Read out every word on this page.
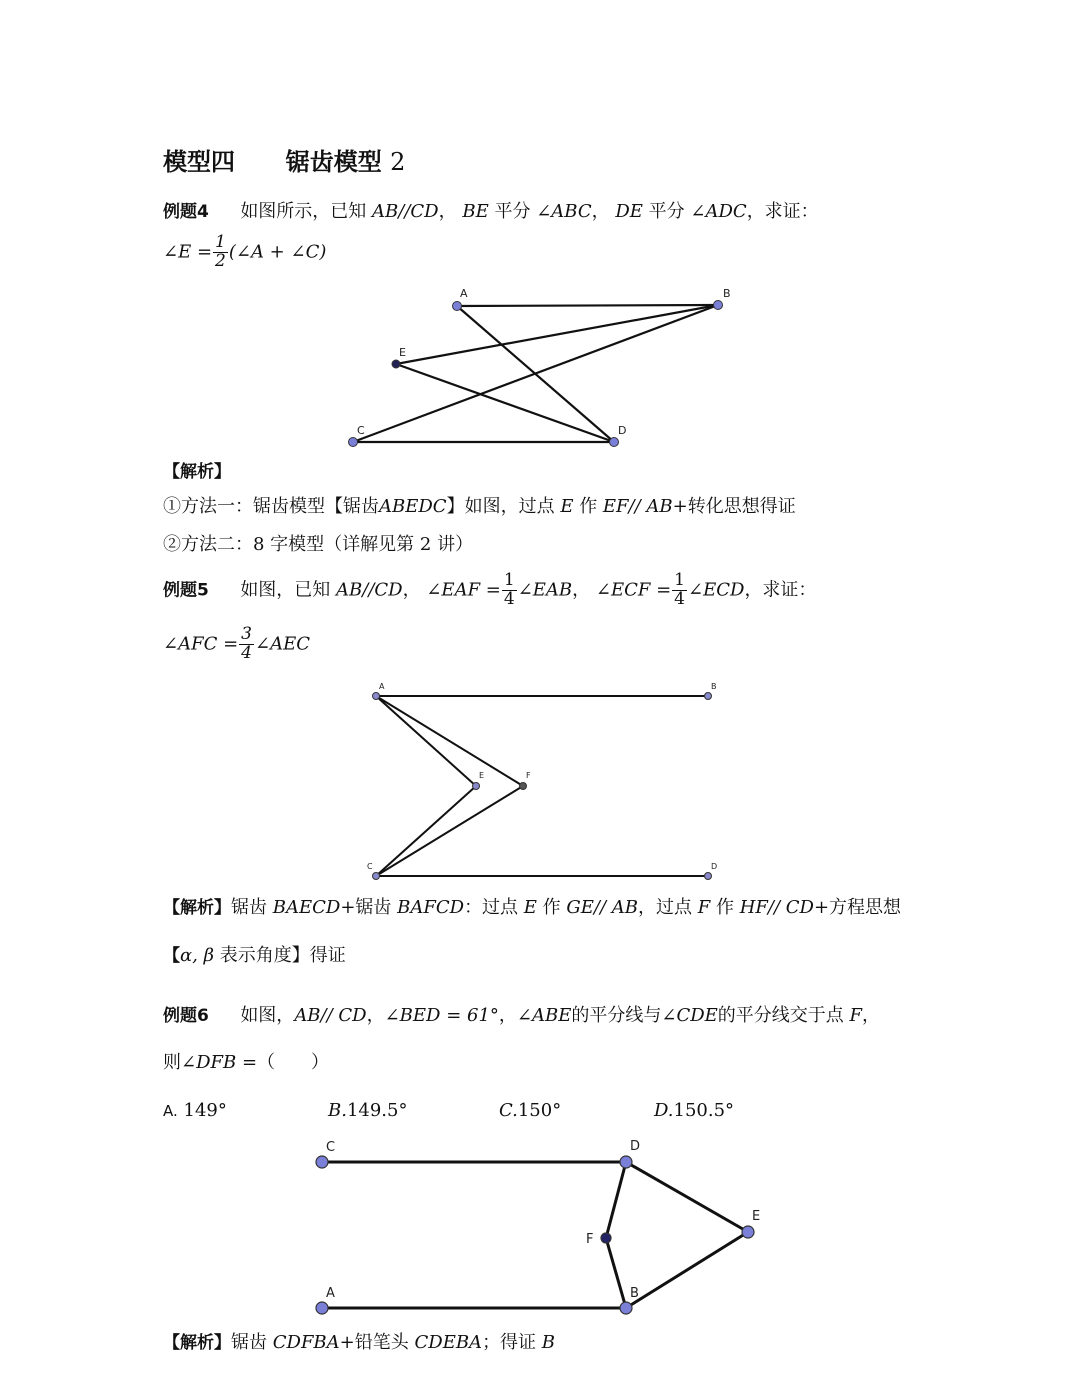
模型四 锯齿模型 2
例题4 如图所示，已知 AB//CD， BE 平分 ∠ABC， DE 平分 ∠ADC，求证：
∠E = $\frac{1}{2}$ (∠A + ∠C)
A	B
E
C	D
【解析】
①方法一：锯齿模型【锯齿ABEDC】如图，过点 E 作 EF// AB+转化思想得证
②方法二：8 字模型（详解见第 2 讲）
例题5 如图，已知 AB//CD， ∠EAF = $\frac{1}{4}$ ∠EAB， ∠ECF = $\frac{1}{4}$ ∠ECD，求证：
∠AFC = $\frac{3}{4}$ ∠AEC
A	B
E	F
C	D
【解析】锯齿 BAECD+锯齿 BAFCD：过点 E 作 GE// AB，过点 F 作 HF// CD+方程思想
【α, β 表示角度】得证
例题6 如图，AB// CD，∠BED = 61°，∠ABE的平分线与∠CDE的平分线交于点 F，
则∠DFB =（　　）
A. 149°	B.149.5°	C.150°	D.150.5°
C	D
E
F
A	B
【解析】锯齿 CDFBA+铅笔头 CDEBA；得证 B
